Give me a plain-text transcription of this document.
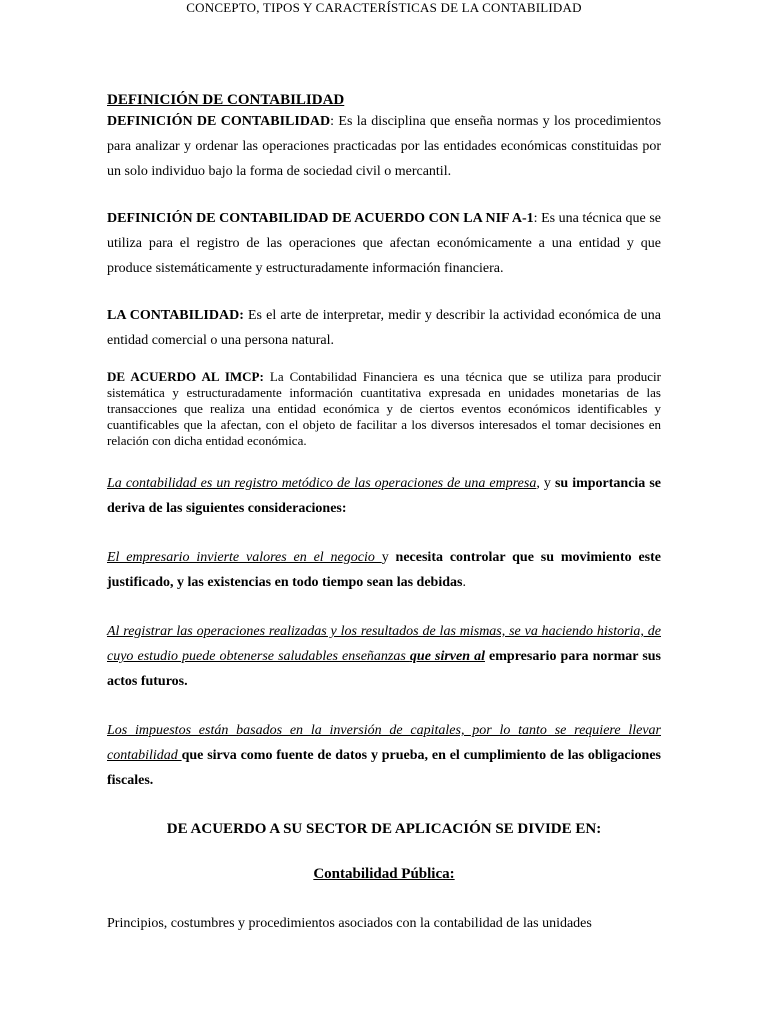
CONCEPTO, TIPOS Y CARACTERÍSTICAS DE LA CONTABILIDAD

DEFINICIÓN DE CONTABILIDAD

DEFINICIÓN DE CONTABILIDAD: Es la disciplina que enseña normas y los procedimientos para analizar y ordenar las operaciones practicadas por las entidades económicas constituidas por un solo individuo bajo la forma de sociedad civil o mercantil.

DEFINICIÓN DE CONTABILIDAD DE ACUERDO CON LA NIF A-1: Es una técnica que se utiliza para el registro de las operaciones que afectan económicamente a una entidad y que produce sistemáticamente y estructuradamente información financiera.

LA CONTABILIDAD: Es el arte de interpretar, medir y describir la actividad económica de una entidad comercial o una persona natural.

DE ACUERDO AL IMCP: La Contabilidad Financiera es una técnica que se utiliza para producir sistemática y estructuradamente información cuantitativa expresada en unidades monetarias de las transacciones que realiza una entidad económica y de ciertos eventos económicos identificables y cuantificables que la afectan, con el objeto de facilitar a los diversos interesados el tomar decisiones en relación con dicha entidad económica.

La contabilidad es un registro metódico de las operaciones de una empresa, y su importancia se deriva de las siguientes consideraciones:

El empresario invierte valores en el negocio y necesita controlar que su movimiento este justificado, y las existencias en todo tiempo sean las debidas.

Al registrar las operaciones realizadas y los resultados de las mismas, se va haciendo historia, de cuyo estudio puede obtenerse saludables enseñanzas que sirven al empresario para normar sus actos futuros.

Los impuestos están basados en la inversión de capitales, por lo tanto se requiere llevar contabilidad que sirva como fuente de datos y prueba, en el cumplimiento de las obligaciones fiscales.

DE ACUERDO A SU SECTOR DE APLICACIÓN SE DIVIDE EN:

Contabilidad Pública:

Principios, costumbres y procedimientos asociados con la contabilidad de las unidades
